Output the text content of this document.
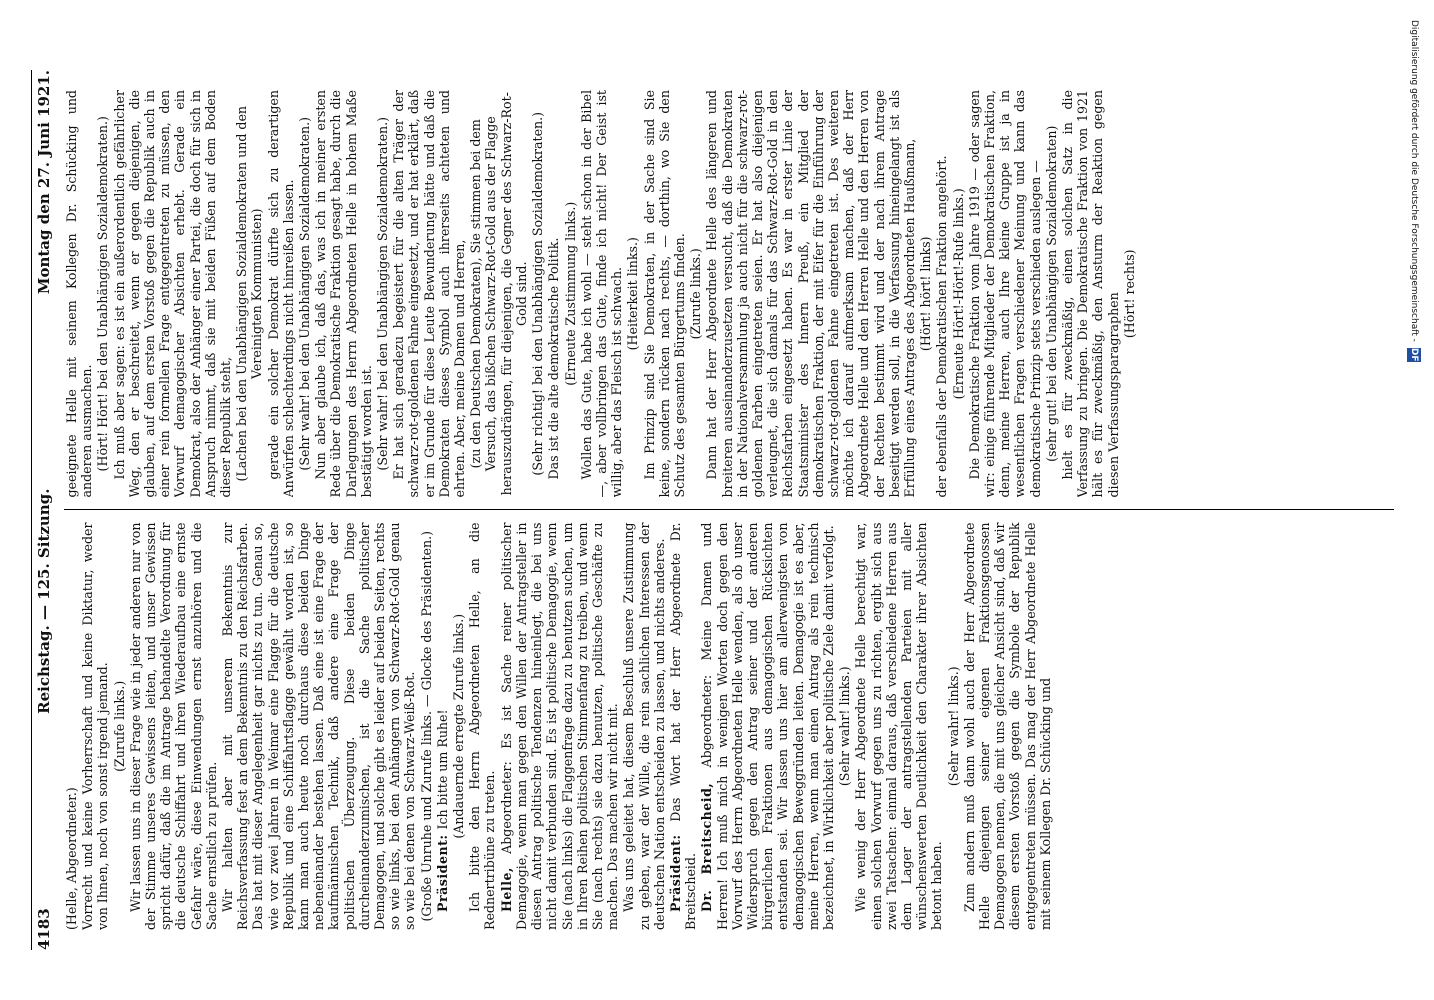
Digitalisierung gefördert durch die Deutsche Forschungsgemeinschaft -
DFG

(Helle, Abgeordneter.) Vorrecht und keine Vorherrschaft und keine Diktatur, weder von Ihnen, noch von sonst irgend jemand. (Zurufe links.) Wir lassen uns in dieser Frage wie in jeder anderen nur von der Stimme unseres Gewissens leiten, und unser Gewissen spricht dafür, daß die im Antrage behandelte Verordnung für die deutsche Schiffahrt und ihren Wiederaufbau eine ernste Gefahr wäre, diese Einwendungen ernst anzuhören und die Sache ernstlich zu prüfen. Wir halten aber mit unserem Bekenntnis zur Reichsverfassung fest an dem Bekenntnis zu den Reichsfarben. Das hat mit dieser Angelegenheit gar nichts zu tun. Genau so, wie vor zwei Jahren in Weimar eine Flagge für die deutsche Republik und eine Schiffahrtsflagge gewählt worden ist, so kann man auch heute noch durchaus diese beiden Dinge nebeneinander bestehen lassen. Daß eine ist eine Frage der kaufmännischen Technik, daß andere eine Frage der politischen Überzeugung. Diese beiden Dinge durcheinanderzumischen, ist die Sache politischer Demagogen, und solche gibt es leider auf beiden Seiten, rechts so wie links, bei den Anhängern von Schwarz-Rot-Gold genau so wie bei denen von Schwarz-Weiß-Rot. (Große Unruhe und Zurufe links. — Glocke des Präsidenten.) Präsident: Ich bitte um Ruhe! (Andauernde erregte Zurufe links.) Ich bitte den Herrn Abgeordneten Helle, an die Rednertribüne zu treten. Helle, Abgeordneter: Es ist Sache reiner politischer Demagogie, wenn man gegen den Willen der Antragsteller in diesen Antrag politische Tendenzen hineinlegt, die bei uns nicht damit verbunden sind. Es ist politische Demagogie, wenn Sie (nach links) die Flaggenfrage dazu zu benutzen suchen, um in Ihren Reihen politischen Stimmenfang zu treiben, und wenn Sie (nach rechts) sie dazu benutzen, politische Geschäfte zu machen. Das machen wir nicht mit. Was uns geleitet hat, diesem Beschluß unsere Zustimmung zu geben, war der Wille, die rein sachlichen Interessen der deutschen Nation entscheiden zu lassen, und nichts anderes. Präsident: Das Wort hat der Herr Abgeordnete Dr. Breitscheid. Dr. Breitscheid, Abgeordneter: Meine Damen und Herren! Ich muß mich in wenigen Worten doch gegen den Vorwurf des Herrn Abgeordneten Helle wenden, als ob unser Widerspruch gegen den Antrag seiner und der anderen bürgerlichen Fraktionen aus demagogischen Rücksichten entstanden sei. Wir lassen uns hier am allerwenigsten von demagogischen Beweggründen leiten. Demagogie ist es aber, meine Herren, wenn man einen Antrag als rein technisch bezeichnet, in Wirklichkeit aber politische Ziele damit verfolgt. (Sehr wahr! links.) Wie wenig der Herr Abgeordnete Helle berechtigt war, einen solchen Vorwurf gegen uns zu richten, ergibt sich aus zwei Tatsachen: einmal daraus, daß verschiedene Herren aus dem Lager der antragstellenden Parteien mit aller wünschenswerten Deutlichkeit den Charakter ihrer Absichten betont haben.

(Sehr wahr! links.) Zum andern muß dann wohl auch der Herr Abgeordnete Helle diejenigen seiner eigenen Fraktionsgenossen Demagogen nennen, die mit uns gleicher Ansicht sind, daß wir diesem ersten Vorstoß gegen die Symbole der Republik entgegentreten müssen. Das mag der Herr Abgeordnete Helle mit seinem Kollegen Dr. Schücking und

geeignete Helle mit seinem Kollegen Dr. Schücking und anderen ausmachen. (Hört! Hört! bei den Unabhängigen Sozialdemokraten.) Ich muß aber sagen: es ist ein außerordentlich gefährlicher Weg, den er beschreitet, wenn er gegen diejenigen, die glauben, auf dem ersten Vorstoß gegen die Republik auch in einer rein formellen Frage entgegentreten zu müssen, den Vorwurf demagogischer Absichten erhebt. Gerade ein Demokrat, also der Anhänger einer Partei, die doch für sich in Anspruch nimmt, daß sie mit beiden Füßen auf dem Boden dieser Republik steht, (Lachen bei den Unabhängigen Sozialdemokraten und den Vereinigten Kommunisten) gerade ein solcher Demokrat dürfte sich zu derartigen Anwürfen schlechterdings nicht hinreißen lassen. (Sehr wahr! bei den Unabhängigen Sozialdemokraten.) Nun aber glaube ich, daß das, was ich in meiner ersten Rede über die Demokratische Fraktion gesagt habe, durch die Darlegungen des Herrn Abgeordneten Helle in hohem Maße bestätigt worden ist. (Sehr wahr! bei den Unabhängigen Sozialdemokraten.) Er hat sich geradezu begeistert für die alten Träger der schwarz-rot-goldenen Fahne eingesetzt, und er hat erklärt, daß er im Grunde für diese Leute Bewunderung hätte und daß die Demokraten dieses Symbol auch ihrerseits achteten und ehrten. Aber, meine Damen und Herren, (zu den Deutschen Demokraten), Sie stimmen bei dem Versuch, das bißchen Schwarz-Rot-Gold aus der Flagge herauszudrängen, für diejenigen, die Gegner des Schwarz-Rot-Gold sind. (Sehr richtig! bei den Unabhängigen Sozialdemokraten.) Das ist die alte demokratische Politik. (Erneute Zustimmung links.) Wollen das Gute, habe ich wohl — steht schon in der Bibel —, aber vollbringen das Gute, finde ich nicht! Der Geist ist willig, aber das Fleisch ist schwach. (Heiterkeit links.) Im Prinzip sind Sie Demokraten, in der Sache sind Sie keine, sondern rücken nach rechts, — dorthin, wo Sie den Schutz des gesamten Bürgertums finden. (Zurufe links.) Dann hat der Herr Abgeordnete Helle des längeren und breiteren auseinanderzusetzen versucht, daß die Demokraten in der Nationalversammlung ja auch nicht für die schwarz-rot-goldenen Farben eingetreten seien. Er hat also diejenigen verleugnet, die sich damals für das Schwarz-Rot-Gold in den Reichsfarben eingesetzt haben. Es war in erster Linie der Staatsminister des Innern Preuß, ein Mitglied der demokratischen Fraktion, der mit Eifer für die Einführung der schwarz-rot-goldenen Fahne eingetreten ist. Des weiteren möchte ich darauf aufmerksam machen, daß der Herr Abgeordnete Helle und den Herren Helle und den Herren von der Rechten bestimmt wird und der nach ihrem Antrage beseitigt werden soll, in die Verfassung hineingelangt ist als Erfüllung eines Antrages des Abgeordneten Haußmann, (Hört! hört! links) der ebenfalls der Demokratischen Fraktion angehört. (Erneute Hört!-Hört!-Rufe links.) Die Demokratische Fraktion vom Jahre 1919 — oder sagen wir: einige führende Mitglieder der Demokratischen Fraktion, denn, meine Herren, auch Ihre kleine Gruppe ist ja in wesentlichen Fragen verschiedener Meinung und kann das demokratische Prinzip stets verschieden auslegen — (sehr gut! bei den Unabhängigen Sozialdemokraten) hielt es für zweckmäßig, einen solchen Satz in die Verfassung zu bringen. Die Demokratische Fraktion von 1921 hält es für zweckmäßig, den Ansturm der Reaktion gegen diesen Verfassungsparagraphen (Hört! rechts)

4183
Reichstag. — 125. Sitzung.
Montag den 27. Juni 1921.
